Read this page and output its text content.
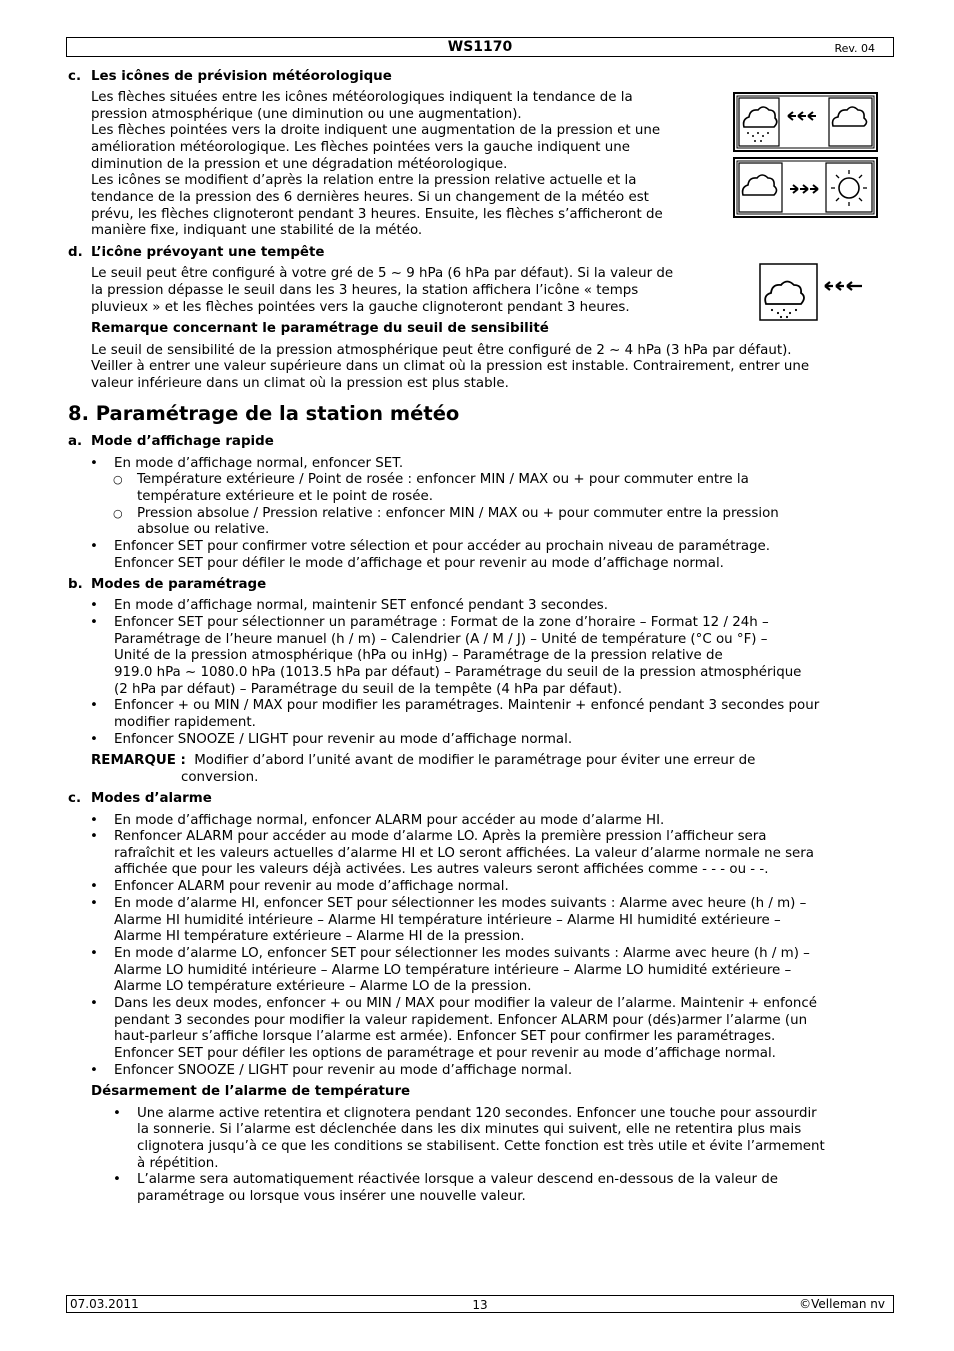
WS1170	Rev. 04
c. Les icônes de prévision météorologique
Les flèches situées entre les icônes météorologiques indiquent la tendance de la
pression atmosphérique (une diminution ou une augmentation).
Les flèches pointées vers la droite indiquent une augmentation de la pression et une
amélioration météorologique. Les flèches pointées vers la gauche indiquent une
diminution de la pression et une dégradation météorologique.
Les icônes se modifient d’après la relation entre la pression relative actuelle et la
tendance de la pression des 6 dernières heures. Si un changement de la météo est
prévu, les flèches clignoteront pendant 3 heures. Ensuite, les flèches s’afficheront de
manière fixe, indiquant une stabilité de la météo.
d. L’icône prévoyant une tempête
Le seuil peut être configuré à votre gré de 5 ~ 9 hPa (6 hPa par défaut). Si la valeur de
la pression dépasse le seuil dans les 3 heures, la station affichera l’icône « temps
pluvieux » et les flèches pointées vers la gauche clignoteront pendant 3 heures.
Remarque concernant le paramétrage du seuil de sensibilité
Le seuil de sensibilité de la pression atmosphérique peut être configuré de 2 ~ 4 hPa (3 hPa par défaut).
Veiller à entrer une valeur supérieure dans un climat où la pression est instable. Contrairement, entrer une
valeur inférieure dans un climat où la pression est plus stable.
8. Paramétrage de la station météo
a. Mode d’affichage rapide
• En mode d’affichage normal, enfoncer SET.
○ Température extérieure / Point de rosée : enfoncer MIN / MAX ou + pour commuter entre la
température extérieure et le point de rosée.
○ Pression absolue / Pression relative : enfoncer MIN / MAX ou + pour commuter entre la pression
absolue ou relative.
• Enfoncer SET pour confirmer votre sélection et pour accéder au prochain niveau de paramétrage.
Enfoncer SET pour défiler le mode d’affichage et pour revenir au mode d’affichage normal.
b. Modes de paramétrage
• En mode d’affichage normal, maintenir SET enfoncé pendant 3 secondes.
• Enfoncer SET pour sélectionner un paramétrage : Format de la zone d’horaire – Format 12 / 24h –
Paramétrage de l’heure manuel (h / m) – Calendrier (A / M / J) – Unité de température (°C ou °F) –
Unité de la pression atmosphérique (hPa ou inHg) – Paramétrage de la pression relative de
919.0 hPa ~ 1080.0 hPa (1013.5 hPa par défaut) – Paramétrage du seuil de la pression atmosphérique
(2 hPa par défaut) – Paramétrage du seuil de la tempête (4 hPa par défaut).
• Enfoncer + ou MIN / MAX pour modifier les paramétrages. Maintenir + enfoncé pendant 3 secondes pour
modifier rapidement.
• Enfoncer SNOOZE / LIGHT pour revenir au mode d’affichage normal.
REMARQUE : Modifier d’abord l’unité avant de modifier le paramétrage pour éviter une erreur de
conversion.
c. Modes d’alarme
• En mode d’affichage normal, enfoncer ALARM pour accéder au mode d’alarme HI.
• Renfoncer ALARM pour accéder au mode d’alarme LO. Après la première pression l’afficheur sera
rafraîchit et les valeurs actuelles d’alarme HI et LO seront affichées. La valeur d’alarme normale ne sera
affichée que pour les valeurs déjà activées. Les autres valeurs seront affichées comme - - - ou - -.
• Enfoncer ALARM pour revenir au mode d’affichage normal.
• En mode d’alarme HI, enfoncer SET pour sélectionner les modes suivants : Alarme avec heure (h / m) –
Alarme HI humidité intérieure – Alarme HI température intérieure – Alarme HI humidité extérieure –
Alarme HI température extérieure – Alarme HI de la pression.
• En mode d’alarme LO, enfoncer SET pour sélectionner les modes suivants : Alarme avec heure (h / m) –
Alarme LO humidité intérieure – Alarme LO température intérieure – Alarme LO humidité extérieure –
Alarme LO température extérieure – Alarme LO de la pression.
• Dans les deux modes, enfoncer + ou MIN / MAX pour modifier la valeur de l’alarme. Maintenir + enfoncé
pendant 3 secondes pour modifier la valeur rapidement. Enfoncer ALARM pour (dés)armer l’alarme (un
haut-parleur s’affiche lorsque l’alarme est armée). Enfoncer SET pour confirmer les paramétrages.
Enfoncer SET pour défiler les options de paramétrage et pour revenir au mode d’affichage normal.
• Enfoncer SNOOZE / LIGHT pour revenir au mode d’affichage normal.
Désarmement de l’alarme de température
• Une alarme active retentira et clignotera pendant 120 secondes. Enfoncer une touche pour assourdir
la sonnerie. Si l’alarme est déclenchée dans les dix minutes qui suivent, elle ne retentira plus mais
clignotera jusqu’à ce que les conditions se stabilisent. Cette fonction est très utile et évite l’armement
à répétition.
• L’alarme sera automatiquement réactivée lorsque a valeur descend en-dessous de la valeur de
paramétrage ou lorsque vous insérer une nouvelle valeur.
07.03.2011	13	©Velleman nv
